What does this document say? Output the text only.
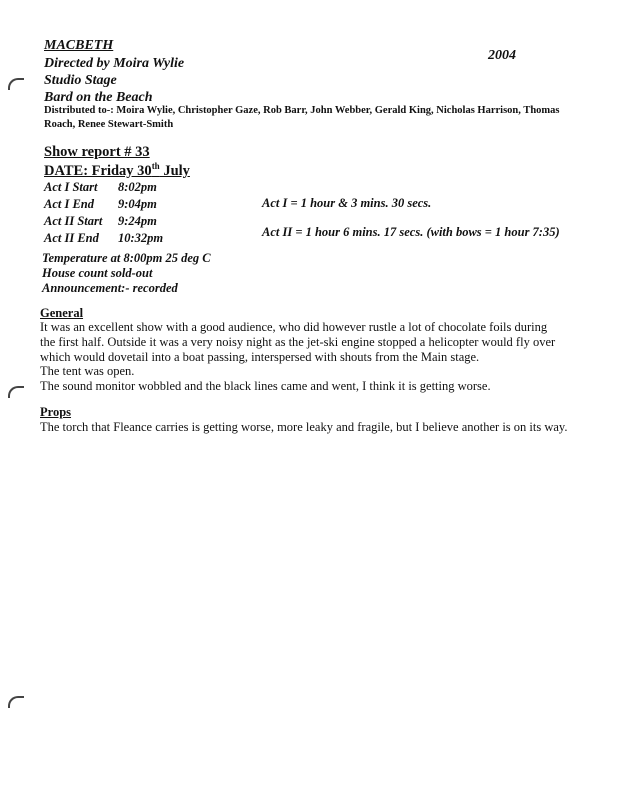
MACBETH
Directed by Moira Wylie
Studio Stage
Bard on the Beach
2004
Distributed to-: Moira Wylie, Christopher Gaze, Rob Barr, John Webber, Gerald King, Nicholas Harrison, Thomas Roach, Renee Stewart-Smith
Show report # 33
DATE: Friday 30th July
Act I Start 8:02pm
Act I End 9:04pm
Act II Start 9:24pm
Act II End 10:32pm
Act I = 1 hour & 3 mins. 30 secs.
Act II = 1 hour 6 mins. 17 secs. (with bows = 1 hour 7:35)
Temperature at 8:00pm 25 deg C
House count sold-out
Announcement:- recorded
General
It was an excellent show with a good audience, who did however rustle a lot of chocolate foils during the first half. Outside it was a very noisy night as the jet-ski engine stopped a helicopter would fly over which would dovetail into a boat passing, interspersed with shouts from the Main stage.
The tent was open.
The sound monitor wobbled and the black lines came and went, I think it is getting worse.
Props
The torch that Fleance carries is getting worse, more leaky and fragile, but I believe another is on its way.
